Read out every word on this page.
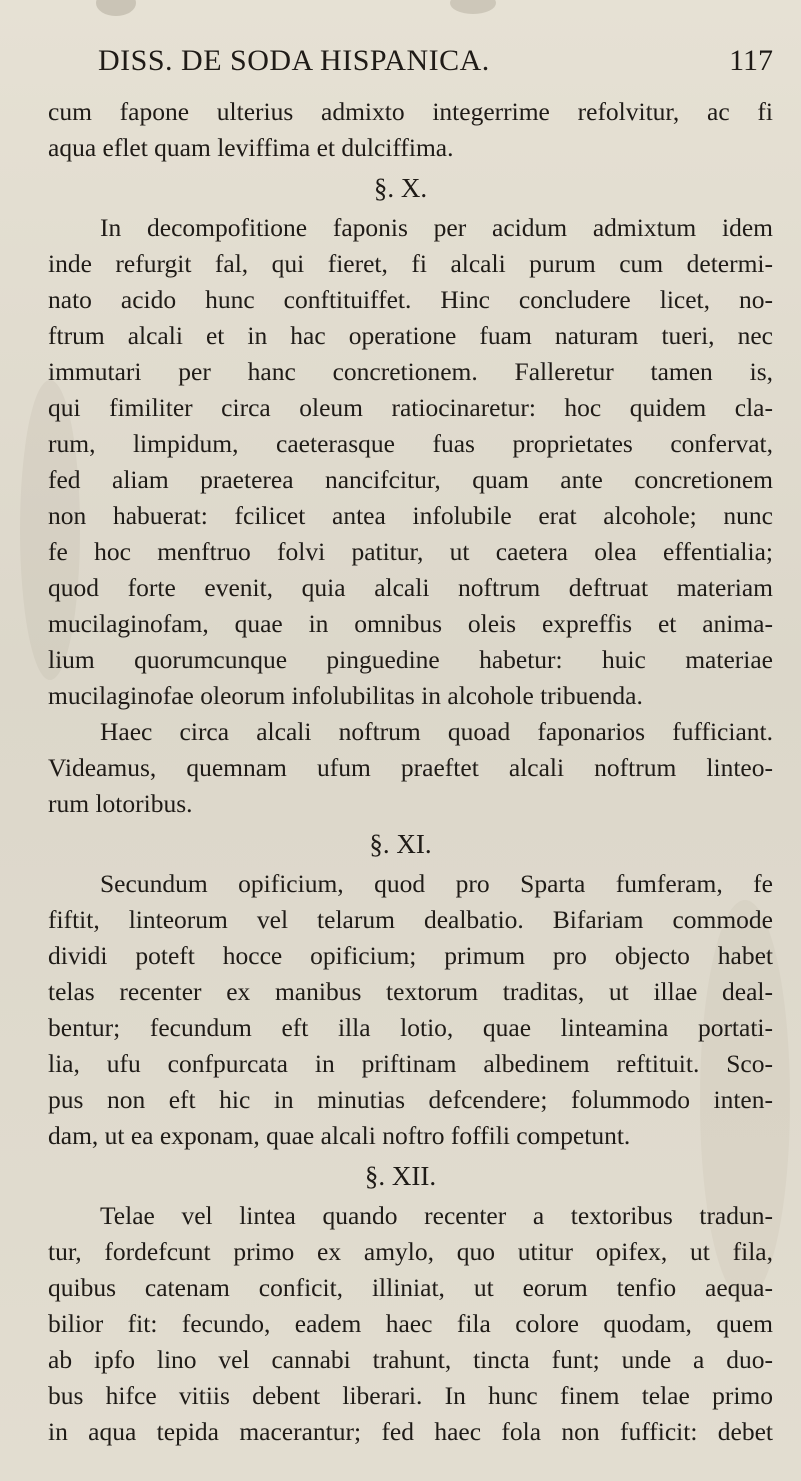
DISS. DE SODA HISPANICA.	117
cum fapone ulterius admixto integerrime refolvitur, ac fi
aqua eflet quam leviffima et dulciffima.
§. X.
In decompofitione faponis per acidum admixtum idem
inde refurgit fal, qui fieret, fi alcali purum cum determi-
nato acido hunc conftituiffet. Hinc concludere licet, no-
ftrum alcali et in hac operatione fuam naturam tueri, nec
immutari per hanc concretionem. Falleretur tamen is,
qui fimiliter circa oleum ratiocinaretur: hoc quidem cla-
rum, limpidum, caeterasque fuas proprietates confervat,
fed aliam praeterea nancifcitur, quam ante concretionem
non habuerat: fcilicet antea infolubile erat alcohole; nunc
fe hoc menftruo folvi patitur, ut caetera olea effentialia;
quod forte evenit, quia alcali noftrum deftruat materiam
mucilaginofam, quae in omnibus oleis expreffis et anima-
lium quorumcunque pinguedine habetur: huic materiae
mucilaginofae oleorum infolubilitas in alcohole tribuenda.
Haec circa alcali noftrum quoad faponarios fufficiant.
Videamus, quemnam ufum praeftet alcali noftrum linteo-
rum lotoribus.
§. XI.
Secundum opificium, quod pro Sparta fumferam, fe
fiftit, linteorum vel telarum dealbatio. Bifariam commode
dividi poteft hocce opificium; primum pro objecto habet
telas recenter ex manibus textorum traditas, ut illae deal-
bentur; fecundum eft illa lotio, quae linteamina portati-
lia, ufu confpurcata in priftinam albedinem reftituit. Sco-
pus non eft hic in minutias defcendere; folummodo inten-
dam, ut ea exponam, quae alcali noftro foffili competunt.
§. XII.
Telae vel lintea quando recenter a textoribus tradun-
tur, fordefcunt primo ex amylo, quo utitur opifex, ut fila,
quibus catenam conficit, illiniat, ut eorum tenfio aequa-
bilior fit: fecundo, eadem haec fila colore quodam, quem
ab ipfo lino vel cannabi trahunt, tincta funt; unde a duo-
bus hifce vitiis debent liberari. In hunc finem telae primo
in aqua tepida macerantur; fed haec fola non fufficit: debet
